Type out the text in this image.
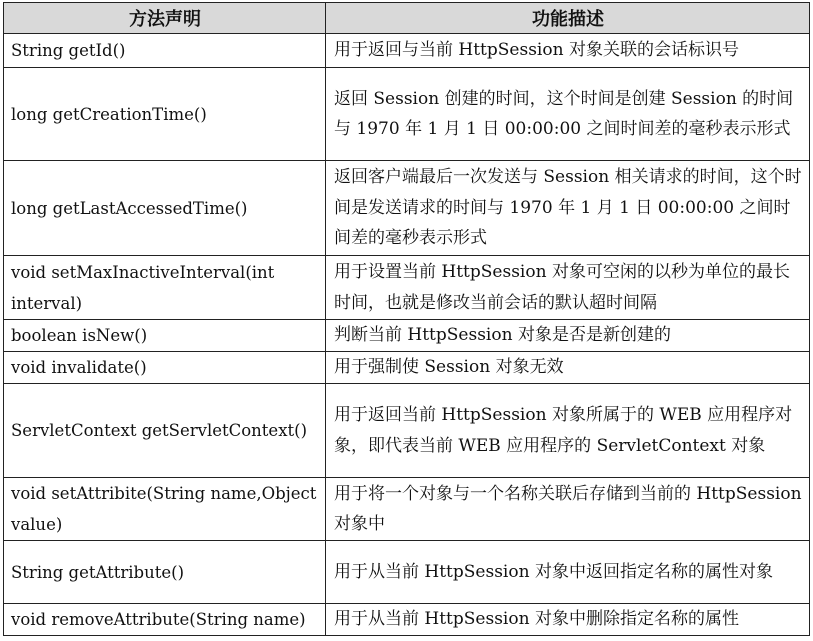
方法声明	功能描述
String getId()	用于返回与当前 HttpSession 对象关联的会话标识号
long getCreationTime()	返回 Session 创建的时间，这个时间是创建 Session 的时间与 1970 年 1 月 1 日 00:00:00 之间时间差的毫秒表示形式
long getLastAccessedTime()	返回客户端最后一次发送与 Session 相关请求的时间，这个时间是发送请求的时间与 1970 年 1 月 1 日 00:00:00 之间时间差的毫秒表示形式
void setMaxInactiveInterval(int interval)	用于设置当前 HttpSession 对象可空闲的以秒为单位的最长时间，也就是修改当前会话的默认超时间隔
boolean isNew()	判断当前 HttpSession 对象是否是新创建的
void invalidate()	用于强制使 Session 对象无效
ServletContext getServletContext()	用于返回当前 HttpSession 对象所属于的 WEB 应用程序对象，即代表当前 WEB 应用程序的 ServletContext 对象
void setAttribite(String name,Object value)	用于将一个对象与一个名称关联后存储到当前的 HttpSession 对象中
String getAttribute()	用于从当前 HttpSession 对象中返回指定名称的属性对象
void removeAttribute(String name)	用于从当前 HttpSession 对象中删除指定名称的属性
